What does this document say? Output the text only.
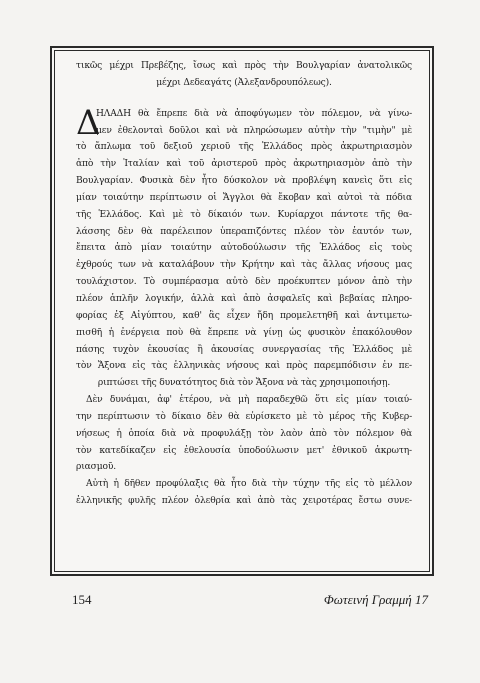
τικῶς μέχρι Πρεβέζης, ἴσως καὶ πρὸς τὴν Βουλγαρίαν ἀνατολικῶς
μέχρι Δεδεαγάτς (Ἀλεξανδρουπόλεως).
Δ
ΗΛΑΔΗ θὰ ἔπρεπε διὰ νὰ ἀποφύγωμεν τὸν πόλεμον, νὰ γίνω-
μεν ἐθελονταὶ δοῦλοι καὶ νὰ πληρώσωμεν αὐτὴν τὴν "τιμὴν" μὲ
τὸ ἄπλωμα τοῦ δεξιοῦ χεριοῦ τῆς Ἑλλάδος πρὸς ἀκρωτηριασμὸν
ἀπὸ τὴν Ἰταλίαν καὶ τοῦ ἀριστεροῦ πρὸς ἀκρωτηριασμὸν ἀπὸ τὴν
Βουλγαρίαν. Φυσικὰ δὲν ἦτο δύσκολον νὰ προβλέψη κανεὶς ὅτι εἰς
μίαν τοιαύτην περίπτωσιν οἱ Ἄγγλοι θὰ ἔκοβαν καὶ αὐτοὶ τὰ πόδια
τῆς Ἑλλάδος. Καὶ μὲ τὸ δίκαιόν των. Κυρίαρχοι πάντοτε τῆς θα-
λάσσης δὲν θὰ παρέλειπον ὑπεραπιζόντες πλέον τὸν ἑαυτόν των,
ἔπειτα ἀπὸ μίαν τοιαύτην αὐτοδούλωσιν τῆς Ἑλλάδος εἰς τοὺς
ἐχθρούς των νὰ καταλάβουν τὴν Κρήτην καὶ τὰς ἄλλας νήσους μας
τουλάχιστον. Τὸ συμπέρασμα αὐτὸ δὲν προέκυπτεν μόνον ἀπὸ τὴν
πλέον ἁπλῆν λογικήν, ἀλλὰ καὶ ἀπὸ ἀσφαλεῖς καὶ βεβαίας πληρο-
φορίας ἐξ Αἰγύπτου, καθ' ἃς εἶχεν ἤδη προμελετηθῆ καὶ ἀντιμετω-
πισθῆ ἡ ἐνέργεια ποὺ θὰ ἔπρεπε νὰ γίνῃ ὡς φυσικὸν ἐπακόλουθον
πάσης τυχὸν ἐκουσίας ἢ ἀκουσίας συνεργασίας τῆς Ἑλλάδος μὲ
τὸν Ἄξονα εἰς τὰς ἑλληνικὰς νήσους καὶ πρὸς παρεμπόδισιν ἐν πε-
ριπτώσει τῆς δυνατότητος διὰ τὸν Ἄξονα νὰ τὰς χρησιμοποιήσῃ.
Δὲν δυνάμαι, ἀφ' ἑτέρου, νὰ μὴ παραδεχθῶ ὅτι εἰς μίαν τοιαύ-
την περίπτωσιν τὸ δίκαιο δὲν θὰ εὑρίσκετο μὲ τὸ μέρος τῆς Κυβερ-
νήσεως ἡ ὁποία διὰ νὰ προφυλάξῃ τὸν λαὸν ἀπὸ τὸν πόλεμον θὰ
τὸν κατεδίκαζεν εἰς ἐθελουσία ὑποδούλωσιν μετ' ἐθνικοῦ ἀκρωτη-
ριασμοῦ.
Αὐτὴ ἡ δῆθεν προφύλαξις θὰ ἦτο διὰ τὴν τύχην τῆς εἰς τὸ μέλλον
ἑλληνικῆς φυλῆς πλέον ὀλεθρία καὶ ἀπὸ τὰς χειροτέρας ἔστω συνε-
154	Φωτεινή Γραμμή 17
